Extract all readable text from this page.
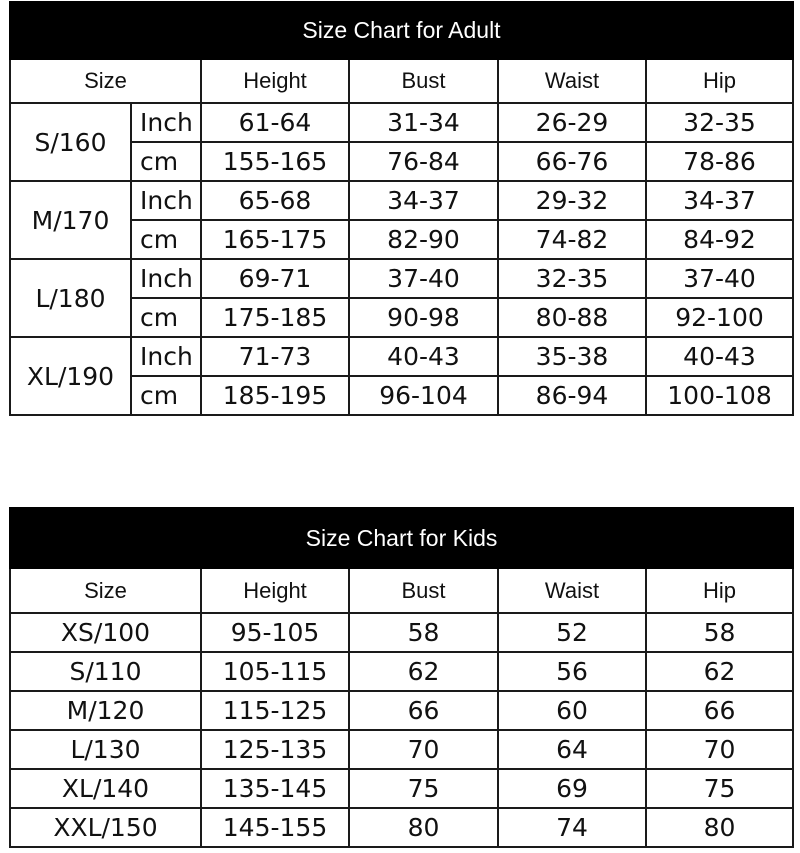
Size Chart for Adult					
Size		Height	Bust	Waist	Hip
S/160	Inch	61-64	31-34	26-29	32-35
	cm	155-165	76-84	66-76	78-86
M/170	Inch	65-68	34-37	29-32	34-37
	cm	165-175	82-90	74-82	84-92
L/180	Inch	69-71	37-40	32-35	37-40
	cm	175-185	90-98	80-88	92-100
XL/190	Inch	71-73	40-43	35-38	40-43
	cm	185-195	96-104	86-94	100-108
Size Chart for Kids				
Size	Height	Bust	Waist	Hip
XS/100	95-105	58	52	58
S/110	105-115	62	56	62
M/120	115-125	66	60	66
L/130	125-135	70	64	70
XL/140	135-145	75	69	75
XXL/150	145-155	80	74	80
